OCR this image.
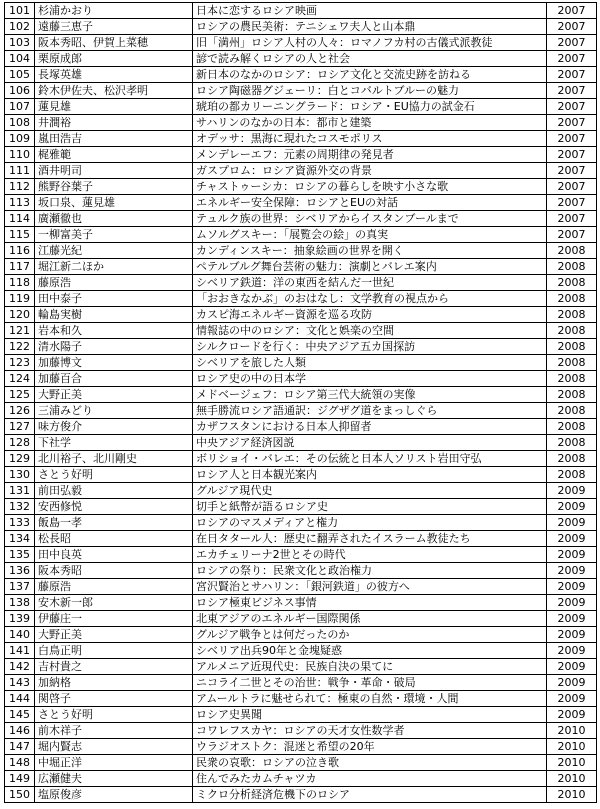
101	杉浦かおり	日本に恋するロシア映画	2007
102	遠藤三恵子	ロシアの農民美術：テニシェワ夫人と山本鼎	2007
103	阪本秀昭、伊賀上菜穂	旧「満州」ロシア人村の人々：ロマノフカ村の古儀式派教徒	2007
104	栗原成郎	諺で読み解くロシアの人と社会	2007
105	長塚英雄	新日本のなかのロシア：ロシア文化と交流史跡を訪ねる	2007
106	鈴木伊佐夫、松沢孝明	ロシア陶磁器グジェーリ：白とコバルトブルーの魅力	2007
107	蓮見雄	琥珀の都カリーニングラード：ロシア・EU協力の試金石	2007
108	井澗裕	サハリンのなかの日本：都市と建築	2007
109	嵐田浩吉	オデッサ：黒海に現れたコスモポリス	2007
110	梶雅範	メンデレーエフ：元素の周期律の発見者	2007
111	酒井明司	ガスプロム：ロシア資源外交の背景	2007
112	熊野谷葉子	チャストゥーシカ：ロシアの暮らしを映す小さな歌	2007
113	坂口泉、蓮見雄	エネルギー安全保障：ロシアとEUの対話	2007
114	廣瀬徹也	テュルク族の世界：シベリアからイスタンブールまで	2007
115	一柳富美子	ムソルグスキー：「展覧会の絵」の真実	2007
116	江藤光紀	カンディンスキー：抽象絵画の世界を開く	2008
117	堀江新二ほか	ペテルブルグ舞台芸術の魅力：演劇とバレエ案内	2008
118	藤原浩	シベリア鉄道：洋の東西を結んだ一世紀	2008
119	田中泰子	「おおきなかぶ」のおはなし：文学教育の視点から	2008
120	輪島実樹	カスピ海エネルギー資源を巡る攻防	2008
121	岩本和久	情報誌の中のロシア：文化と娯楽の空間	2008
122	清水陽子	シルクロードを行く：中央アジア五カ国探訪	2008
123	加藤博文	シベリアを旅した人類	2008
124	加藤百合	ロシア史の中の日本学	2008
125	大野正美	メドベージェフ：ロシア第三代大統領の実像	2008
126	三浦みどり	無手勝流ロシア語通訳：ジグザグ道をまっしぐら	2008
127	味方俊介	カザフスタンにおける日本人抑留者	2008
128	下社学	中央アジア経済図説	2008
129	北川裕子、北川剛史	ボリショイ・バレエ：その伝統と日本人ソリスト岩田守弘	2008
130	さとう好明	ロシア人と日本観光案内	2008
131	前田弘毅	グルジア現代史	2009
132	安西修悦	切手と紙幣が語るロシア史	2009
133	飯島一孝	ロシアのマスメディアと権力	2009
134	松長昭	在日タタール人：歴史に翻弄されたイスラーム教徒たち	2009
135	田中良英	エカチェリーナ2世とその時代	2009
136	阪本秀昭	ロシアの祭り：民衆文化と政治権力	2009
137	藤原浩	宮沢賢治とサハリン：「銀河鉄道」の彼方へ	2009
138	安木新一郎	ロシア極東ビジネス事情	2009
139	伊藤庄一	北東アジアのエネルギー国際関係	2009
140	大野正美	グルジア戦争とは何だったのか	2009
141	白鳥正明	シベリア出兵90年と金塊疑惑	2009
142	吉村貴之	アルメニア近現代史：民族自決の果てに	2009
143	加納格	ニコライ二世とその治世：戦争・革命・破局	2009
144	関啓子	アムールトラに魅せられて：極東の自然・環境・人間	2009
145	さとう好明	ロシア史異聞	2009
146	前木祥子	コワレフスカヤ：ロシアの天才女性数学者	2010
147	堀内賢志	ウラジオストク：混迷と希望の20年	2010
148	中堀正洋	民衆の哀歌：ロシアの泣き歌	2010
149	広瀬健夫	住んでみたカムチャツカ	2010
150	塩原俊彦	ミクロ分析経済危機下のロシア	2010
